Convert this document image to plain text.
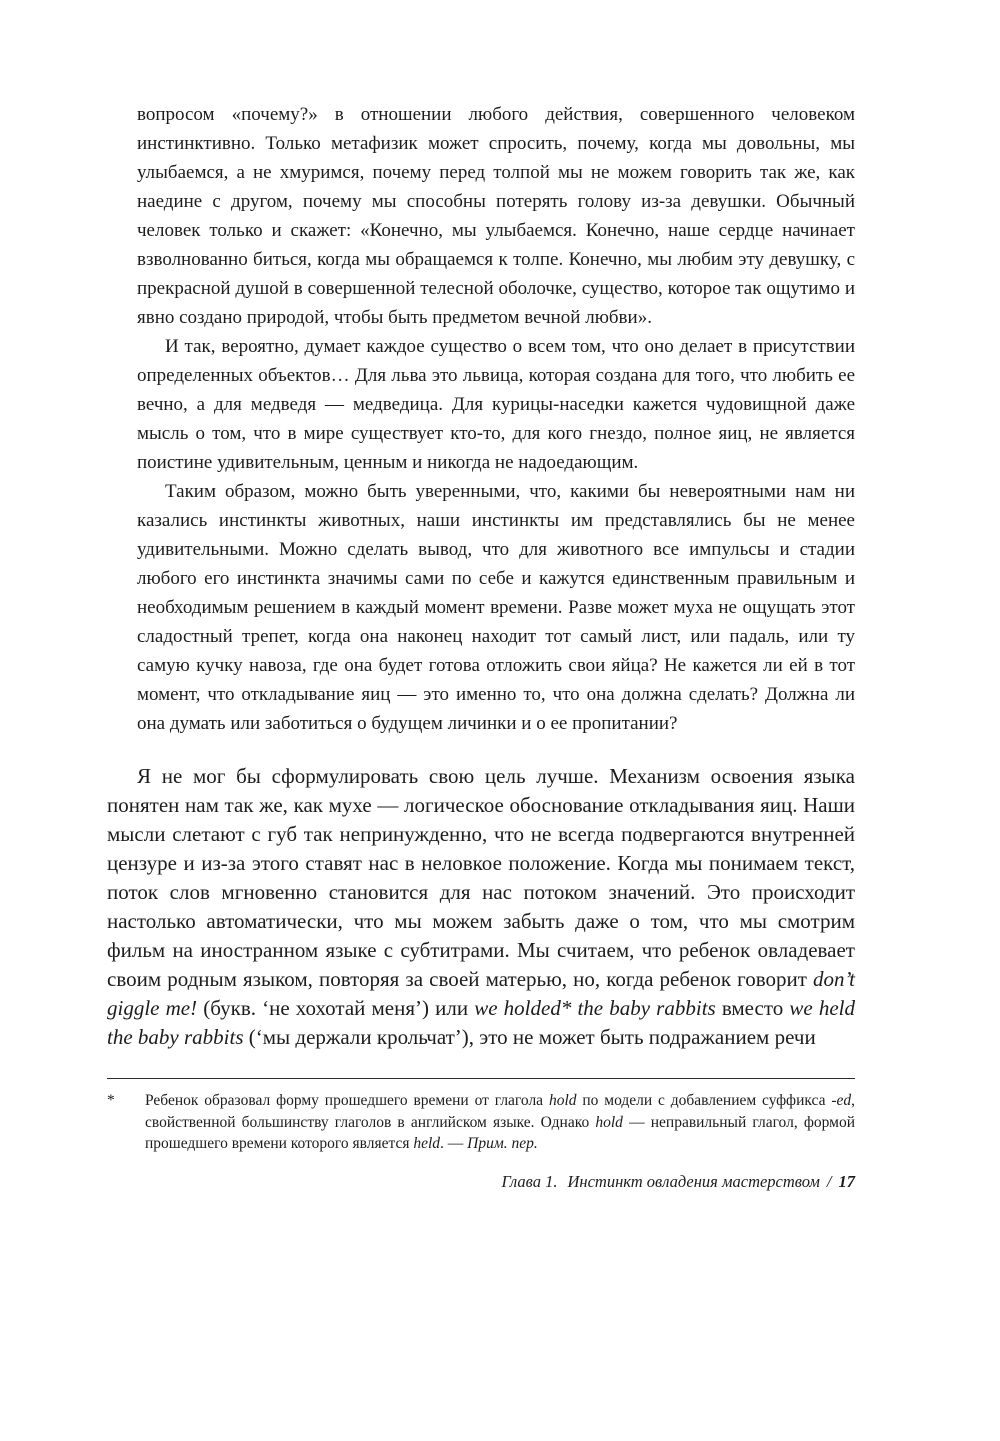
вопросом «почему?» в отношении любого действия, совершенного человеком инстинктивно. Только метафизик может спросить, почему, когда мы довольны, мы улыбаемся, а не хмуримся, почему перед толпой мы не можем говорить так же, как наедине с другом, почему мы способны потерять голову из-за девушки. Обычный человек только и скажет: «Конечно, мы улыбаемся. Конечно, наше сердце начинает взволнованно биться, когда мы обращаемся к толпе. Конечно, мы любим эту девушку, с прекрасной душой в совершенной телесной оболочке, существо, которое так ощутимо и явно создано природой, чтобы быть предметом вечной любви».

И так, вероятно, думает каждое существо о всем том, что оно делает в присутствии определенных объектов… Для льва это львица, которая создана для того, что любить ее вечно, а для медведя — медведица. Для курицы-наседки кажется чудовищной даже мысль о том, что в мире существует кто-то, для кого гнездо, полное яиц, не является поистине удивительным, ценным и никогда не надоедающим.

Таким образом, можно быть уверенными, что, какими бы невероятными нам ни казались инстинкты животных, наши инстинкты им представлялись бы не менее удивительными. Можно сделать вывод, что для животного все импульсы и стадии любого его инстинкта значимы сами по себе и кажутся единственным правильным и необходимым решением в каждый момент времени. Разве может муха не ощущать этот сладостный трепет, когда она наконец находит тот самый лист, или падаль, или ту самую кучку навоза, где она будет готова отложить свои яйца? Не кажется ли ей в тот момент, что откладывание яиц — это именно то, что она должна сделать? Должна ли она думать или заботиться о будущем личинки и о ее пропитании?

Я не мог бы сформулировать свою цель лучше. Механизм освоения языка понятен нам так же, как мухе — логическое обоснование откладывания яиц. Наши мысли слетают с губ так непринужденно, что не всегда подвергаются внутренней цензуре и из-за этого ставят нас в неловкое положение. Когда мы понимаем текст, поток слов мгновенно становится для нас потоком значений. Это происходит настолько автоматически, что мы можем забыть даже о том, что мы смотрим фильм на иностранном языке с субтитрами. Мы считаем, что ребенок овладевает своим родным языком, повторяя за своей матерью, но, когда ребенок говорит don’t giggle me! (букв. ‘не хохотай меня’) или we holded* the baby rabbits вместо we held the baby rabbits (‘мы держали крольчат’), это не может быть подражанием речи

*	Ребенок образовал форму прошедшего времени от глагола hold по модели с добавлением суффикса -ed, свойственной большинству глаголов в английском языке. Однако hold — неправильный глагол, формой прошедшего времени которого является held. — Прим. пер.
Глава 1. Инстинкт овладения мастерством / 17
